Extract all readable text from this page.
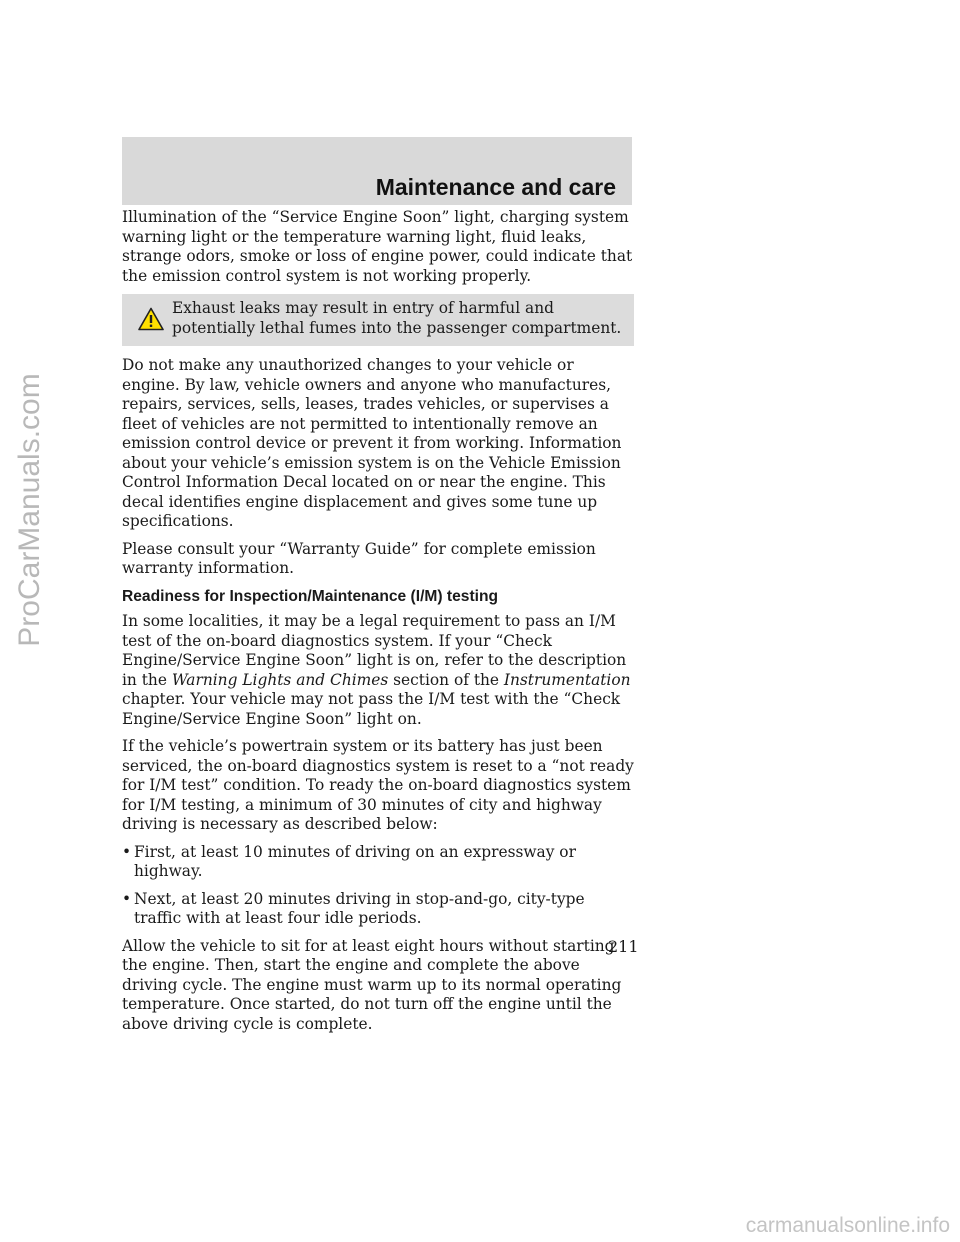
Maintenance and care

Illumination of the “Service Engine Soon” light, charging system warning light or the temperature warning light, fluid leaks, strange odors, smoke or loss of engine power, could indicate that the emission control system is not working properly.

Exhaust leaks may result in entry of harmful and potentially lethal fumes into the passenger compartment.

Do not make any unauthorized changes to your vehicle or engine. By law, vehicle owners and anyone who manufactures, repairs, services, sells, leases, trades vehicles, or supervises a fleet of vehicles are not permitted to intentionally remove an emission control device or prevent it from working. Information about your vehicle’s emission system is on the Vehicle Emission Control Information Decal located on or near the engine. This decal identifies engine displacement and gives some tune up specifications.

Please consult your “Warranty Guide” for complete emission warranty information.

Readiness for Inspection/Maintenance (I/M) testing

In some localities, it may be a legal requirement to pass an I/M test of the on-board diagnostics system. If your “Check Engine/Service Engine Soon” light is on, refer to the description in the Warning Lights and Chimes section of the Instrumentation chapter. Your vehicle may not pass the I/M test with the “Check Engine/Service Engine Soon” light on.

If the vehicle’s powertrain system or its battery has just been serviced, the on-board diagnostics system is reset to a “not ready for I/M test” condition. To ready the on-board diagnostics system for I/M testing, a minimum of 30 minutes of city and highway driving is necessary as described below:

• First, at least 10 minutes of driving on an expressway or highway.
• Next, at least 20 minutes driving in stop-and-go, city-type traffic with at least four idle periods.

Allow the vehicle to sit for at least eight hours without starting the engine. Then, start the engine and complete the above driving cycle. The engine must warm up to its normal operating temperature. Once started, do not turn off the engine until the above driving cycle is complete.

211
ProCarManuals.com
carmanualsonline.info
